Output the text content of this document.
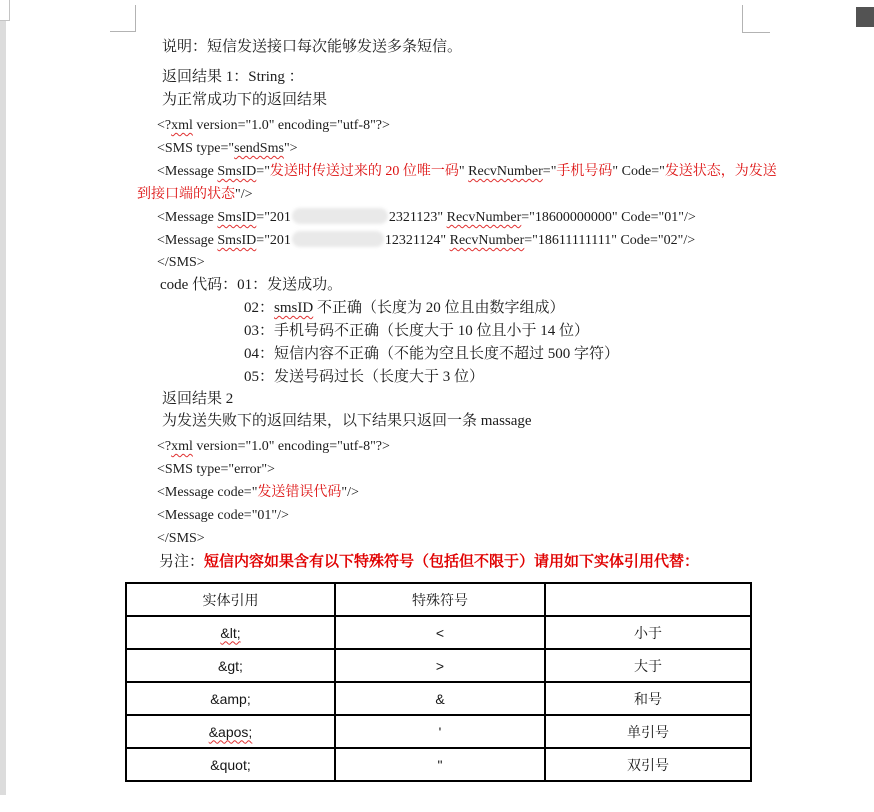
说明：短信发送接口每次能够发送多条短信。
返回结果 1：String ：
为正常成功下的返回结果
<?xml version="1.0" encoding="utf-8"?>
<SMS type="sendSms">
<Message SmsID="发送时传送过来的 20 位唯一码" RecvNumber="手机号码" Code="发送状态，为发送
到接口端的状态"/>
<Message SmsID="201	2321123" RecvNumber="18600000000" Code="01"/>
<Message SmsID="201	12321124" RecvNumber="18611111111" Code="02"/>
</SMS>
code 代码：01：发送成功。
02：smsID 不正确（长度为 20 位且由数字组成）
03：手机号码不正确（长度大于 10 位且小于 14 位）
04：短信内容不正确（不能为空且长度不超过 500 字符）
05：发送号码过长（长度大于 3 位）
返回结果 2
为发送失败下的返回结果，以下结果只返回一条 massage
<?xml version="1.0" encoding="utf-8"?>
<SMS type="error">
<Message code="发送错误代码"/>
<Message code="01"/>
</SMS>
另注：短信内容如果含有以下特殊符号（包括但不限于）请用如下实体引用代替：
实体引用	特殊符号	
&lt;	<	小于
&gt;	>	大于
&amp;	&	和号
&apos;	'	单引号
&quot;	"	双引号
